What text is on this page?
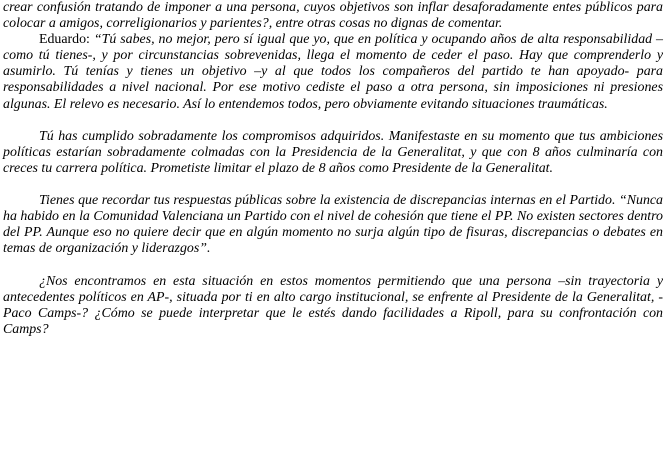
crear confusión tratando de imponer a una persona, cuyos objetivos son inflar desaforadamente entes públicos para colocar a amigos, correligionarios y parientes?, entre otras cosas no dignas de comentar.

Eduardo: “Tú sabes, no mejor, pero sí igual que yo, que en política y ocupando años de alta responsabilidad –como tú tienes-, y por circunstancias sobrevenidas, llega el momento de ceder el paso. Hay que comprenderlo y asumirlo. Tú tenías y tienes un objetivo –y al que todos los compañeros del partido te han apoyado- para responsabilidades a nivel nacional. Por ese motivo cediste el paso a otra persona, sin imposiciones ni presiones algunas. El relevo es necesario. Así lo entendemos todos, pero obviamente evitando situaciones traumáticas.

Tú has cumplido sobradamente los compromisos adquiridos. Manifestaste en su momento que tus ambiciones políticas estarían sobradamente colmadas con la Presidencia de la Generalitat, y que con 8 años culminaría con creces tu carrera política. Prometiste limitar el plazo de 8 años como Presidente de la Generalitat.

Tienes que recordar tus respuestas públicas sobre la existencia de discrepancias internas en el Partido. “Nunca ha habido en la Comunidad Valenciana un Partido con el nivel de cohesión que tiene el PP. No existen sectores dentro del PP. Aunque eso no quiere decir que en algún momento no surja algún tipo de fisuras, discrepancias o debates en temas de organización y liderazgos”.

¿Nos encontramos en esta situación en estos momentos permitiendo que una persona –sin trayectoria y antecedentes políticos en AP-, situada por ti en alto cargo institucional, se enfrente al Presidente de la Generalitat, -Paco Camps-? ¿Cómo se puede interpretar que le estés dando facilidades a Ripoll, para su confrontación con Camps?
